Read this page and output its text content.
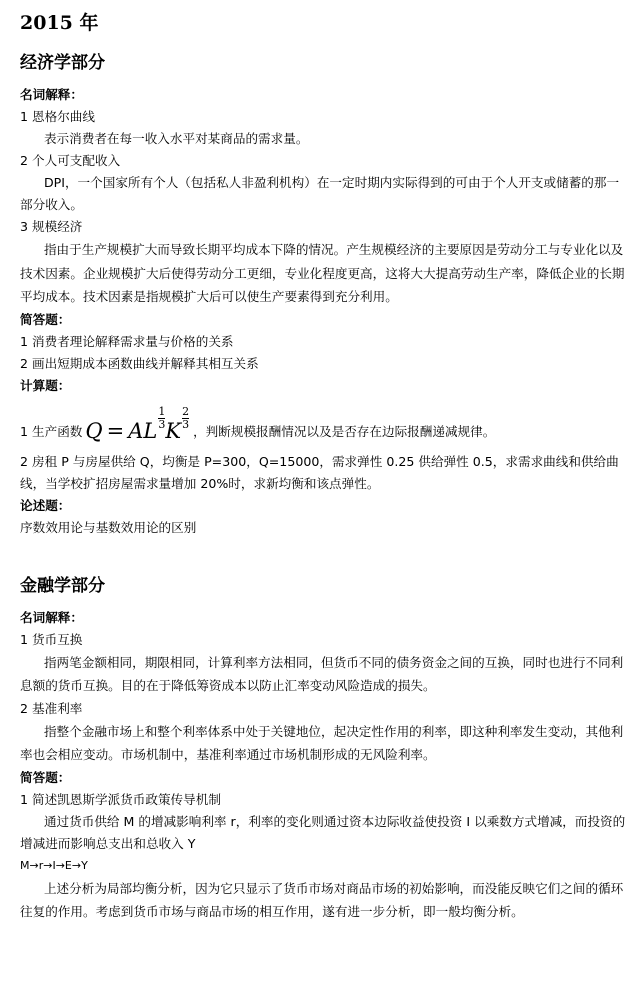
2015 年
经济学部分
名词解释：
1 恩格尔曲线
表示消费者在每一收入水平对某商品的需求量。
2 个人可支配收入
DPI，一个国家所有个人（包括私人非盈利机构）在一定时期内实际得到的可由于个人开支或储蓄的那一部分收入。
3 规模经济
指由于生产规模扩大而导致长期平均成本下降的情况。产生规模经济的主要原因是劳动分工与专业化以及技术因素。企业规模扩大后使得劳动分工更细，专业化程度更高，这将大大提高劳动生产率，降低企业的长期平均成本。技术因素是指规模扩大后可以使生产要素得到充分利用。
简答题：
1 消费者理论解释需求量与价格的关系
2 画出短期成本函数曲线并解释其相互关系
计算题：
1 生产函数 Q = AL $\frac{1}{3}$ K $\frac{2}{3}$
，判断规模报酬情况以及是否存在边际报酬递减规律。
2 房租 P 与房屋供给 Q，均衡是 P=300，Q=15000，需求弹性 0.25 供给弹性 0.5，求需求曲线和供给曲线，当学校扩招房屋需求量增加 20%时，求新均衡和该点弹性。
论述题：
序数效用论与基数效用论的区别
金融学部分
名词解释：
1 货币互换
指两笔金额相同，期限相同，计算利率方法相同，但货币不同的债务资金之间的互换，同时也进行不同利息额的货币互换。目的在于降低筹资成本以防止汇率变动风险造成的损失。
2 基准利率
指整个金融市场上和整个利率体系中处于关键地位，起决定性作用的利率，即这种利率发生变动，其他利率也会相应变动。市场机制中，基准利率通过市场机制形成的无风险利率。
简答题：
1 简述凯恩斯学派货币政策传导机制
通过货币供给 M 的增减影响利率 r，利率的变化则通过资本边际收益使投资 I 以乘数方式增减，而投资的增减进而影响总支出和总收入 Y
M→r→I→E→Y
上述分析为局部均衡分析，因为它只显示了货币市场对商品市场的初始影响，而没能反映它们之间的循环往复的作用。考虑到货币市场与商品市场的相互作用，遂有进一步分析，即一般均衡分析。
